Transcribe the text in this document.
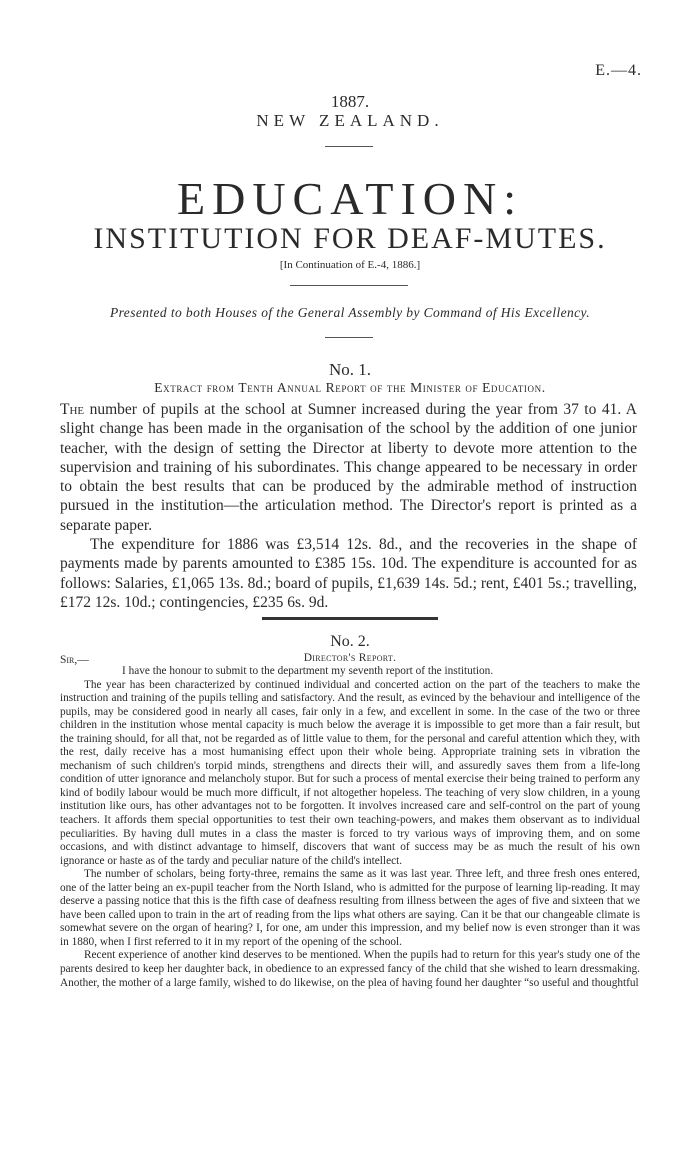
E.—4.
1887.
NEW ZEALAND.
EDUCATION:
INSTITUTION FOR DEAF-MUTES.
[In Continuation of E.-4, 1886.]
Presented to both Houses of the General Assembly by Command of His Excellency.
No. 1.
Extract from Tenth Annual Report of the Minister of Education.

The number of pupils at the school at Sumner increased during the year from 37 to 41. A slight change has been made in the organisation of the school by the addition of one junior teacher, with the design of setting the Director at liberty to devote more attention to the supervision and training of his subordinates. This change appeared to be necessary in order to obtain the best results that can be produced by the admirable method of instruction pursued in the institution—the articulation method. The Director's report is printed as a separate paper.

The expenditure for 1886 was £3,514 12s. 8d., and the recoveries in the shape of payments made by parents amounted to £385 15s. 10d. The expenditure is accounted for as follows: Salaries, £1,065 13s. 8d.; board of pupils, £1,639 14s. 5d.; rent, £401 5s.; travelling, £172 12s. 10d.; contingencies, £235 6s. 9d.

No. 2.
Sir,—	Director's Report.

I have the honour to submit to the department my seventh report of the institution.

The year has been characterized by continued individual and concerted action on the part of the teachers to make the instruction and training of the pupils telling and satisfactory. And the result, as evinced by the behaviour and intelligence of the pupils, may be considered good in nearly all cases, fair only in a few, and excellent in some. In the case of the two or three children in the institution whose mental capacity is much below the average it is impossible to get more than a fair result, but the training should, for all that, not be regarded as of little value to them, for the personal and careful attention which they, with the rest, daily receive has a most humanising effect upon their whole being. Appropriate training sets in vibration the mechanism of such children's torpid minds, strengthens and directs their will, and assuredly saves them from a life-long condition of utter ignorance and melancholy stupor. But for such a process of mental exercise their being trained to perform any kind of bodily labour would be much more difficult, if not altogether hopeless. The teaching of very slow children, in a young institution like ours, has other advantages not to be forgotten. It involves increased care and self-control on the part of young teachers. It affords them special opportunities to test their own teaching-powers, and makes them observant as to individual peculiarities. By having dull mutes in a class the master is forced to try various ways of improving them, and on some occasions, and with distinct advantage to himself, discovers that want of success may be as much the result of his own ignorance or haste as of the tardy and peculiar nature of the child's intellect.

The number of scholars, being forty-three, remains the same as it was last year. Three left, and three fresh ones entered, one of the latter being an ex-pupil teacher from the North Island, who is admitted for the purpose of learning lip-reading. It may deserve a passing notice that this is the fifth case of deafness resulting from illness between the ages of five and sixteen that we have been called upon to train in the art of reading from the lips what others are saying. Can it be that our changeable climate is somewhat severe on the organ of hearing? I, for one, am under this impression, and my belief now is even stronger than it was in 1880, when I first referred to it in my report of the opening of the school.

Recent experience of another kind deserves to be mentioned. When the pupils had to return for this year's study one of the parents desired to keep her daughter back, in obedience to an expressed fancy of the child that she wished to learn dressmaking. Another, the mother of a large family, wished to do likewise, on the plea of having found her daughter “so useful and thoughtful
